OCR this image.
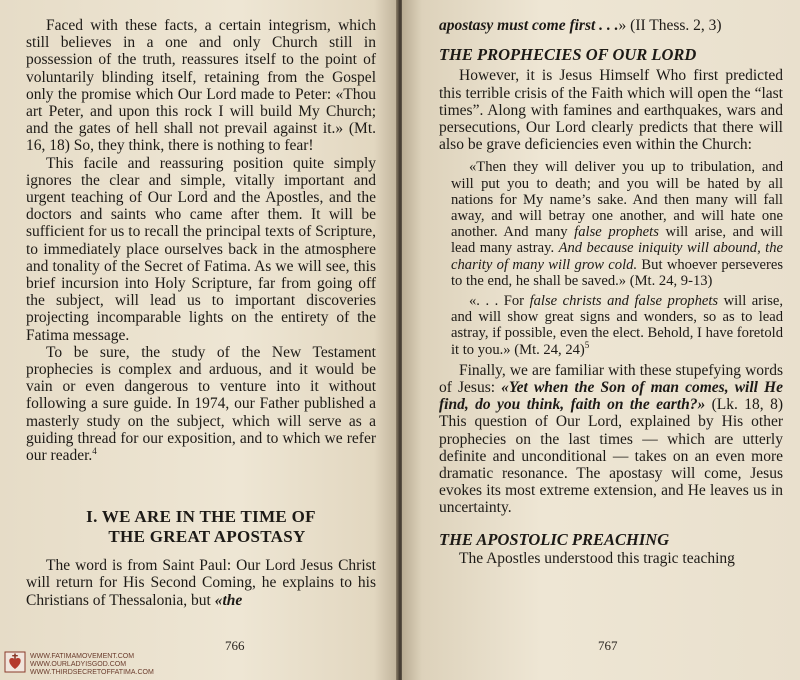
Faced with these facts, a certain integrism, which still believes in a one and only Church still in possession of the truth, reassures itself to the point of voluntarily blinding itself, retaining from the Gospel only the promise which Our Lord made to Peter: «Thou art Peter, and upon this rock I will build My Church; and the gates of hell shall not prevail against it.» (Mt. 16, 18) So, they think, there is nothing to fear!

This facile and reassuring position quite simply ignores the clear and simple, vitally important and urgent teaching of Our Lord and the Apostles, and the doctors and saints who came after them. It will be sufficient for us to recall the principal texts of Scripture, to immediately place ourselves back in the atmosphere and tonality of the Secret of Fatima. As we will see, this brief incursion into Holy Scripture, far from going off the subject, will lead us to important discoveries projecting incomparable lights on the entirety of the Fatima message.

To be sure, the study of the New Testament prophecies is complex and arduous, and it would be vain or even dangerous to venture into it without following a sure guide. In 1974, our Father published a masterly study on the subject, which will serve as a guiding thread for our exposition, and to which we refer our reader.$^4$

I. WE ARE IN THE TIME OF
THE GREAT APOSTASY

The word is from Saint Paul: Our Lord Jesus Christ will return for His Second Coming, he explains to his Christians of Thessalonia, but «the

766
WWW.FATIMAMOVEMENT.COM
WWW.OURLADYISGOD.COM
WWW.THIRDSECRETOFFATIMA.COM

apostasy must come first . . .» (II Thess. 2, 3)

THE PROPHECIES OF OUR LORD

However, it is Jesus Himself Who first predicted this terrible crisis of the Faith which will open the “last times”. Along with famines and earthquakes, wars and persecutions, Our Lord clearly predicts that there will also be grave deficiencies even within the Church:

«Then they will deliver you up to tribulation, and will put you to death; and you will be hated by all nations for My name’s sake. And then many will fall away, and will betray one another, and will hate one another. And many false prophets will arise, and will lead many astray. And because iniquity will abound, the charity of many will grow cold. But whoever perseveres to the end, he shall be saved.» (Mt. 24, 9-13)

«. . . For false christs and false prophets will arise, and will show great signs and wonders, so as to lead astray, if possible, even the elect. Behold, I have foretold it to you.» (Mt. 24, 24)$^5$

Finally, we are familiar with these stupefying words of Jesus: «Yet when the Son of man comes, will He find, do you think, faith on the earth?» (Lk. 18, 8) This question of Our Lord, explained by His other prophecies on the last times — which are utterly definite and unconditional — takes on an even more dramatic resonance. The apostasy will come, Jesus evokes its most extreme extension, and He leaves us in uncertainty.

THE APOSTOLIC PREACHING

The Apostles understood this tragic teaching

767
